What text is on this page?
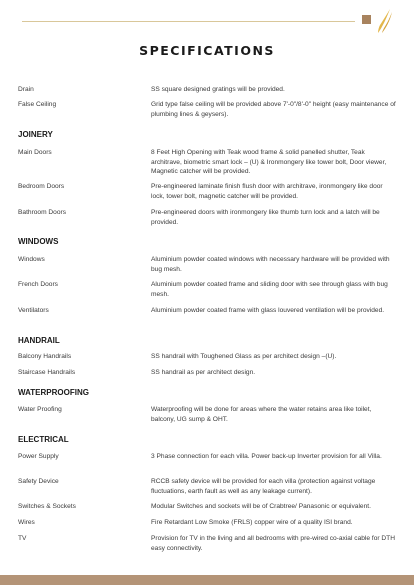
SPECIFICATIONS
Drain	SS square designed gratings will be provided.
False Ceiling	Grid type false ceiling will be provided above 7'-0"/8'-0" height (easy maintenance of plumbing lines & geysers).
JOINERY
Main Doors	8 Feet High Opening with Teak wood frame & solid panelled shutter, Teak architrave, biometric smart lock – (U) & Ironmongery like tower bolt, Door viewer, Magnetic catcher will be provided.
Bedroom Doors	Pre-engineered laminate finish flush door with architrave, ironmongery like door lock, tower bolt, magnetic catcher will be provided.
Bathroom Doors	Pre-engineered doors with ironmongery like thumb turn lock and a latch will be provided.
WINDOWS
Windows	Aluminium powder coated windows with necessary hardware will be provided with bug mesh.
French Doors	Aluminium powder coated frame and sliding door with see through glass with bug mesh.
Ventilators	Aluminium powder coated frame with glass louvered ventilation will be provided.
HANDRAIL
Balcony Handrails	SS handrail with Toughened Glass as per architect design –(U).
Staircase Handrails	SS handrail as per architect design.
WATERPROOFING
Water Proofing	Waterproofing will be done for areas where the water retains area like toilet, balcony, UG sump & OHT.
ELECTRICAL
Power Supply	3 Phase connection for each villa. Power back-up Inverter provision for all Villa.
Safety Device	RCCB safety device will be provided for each villa (protection against voltage fluctuations, earth fault as well as any leakage current).
Switches & Sockets	Modular Switches and sockets will be of Crabtree/ Panasonic or equivalent.
Wires	Fire Retardant Low Smoke (FRLS) copper wire of a quality ISI brand.
TV	Provision for TV in the living and all bedrooms with pre-wired co-axial cable for DTH easy connectivity.
